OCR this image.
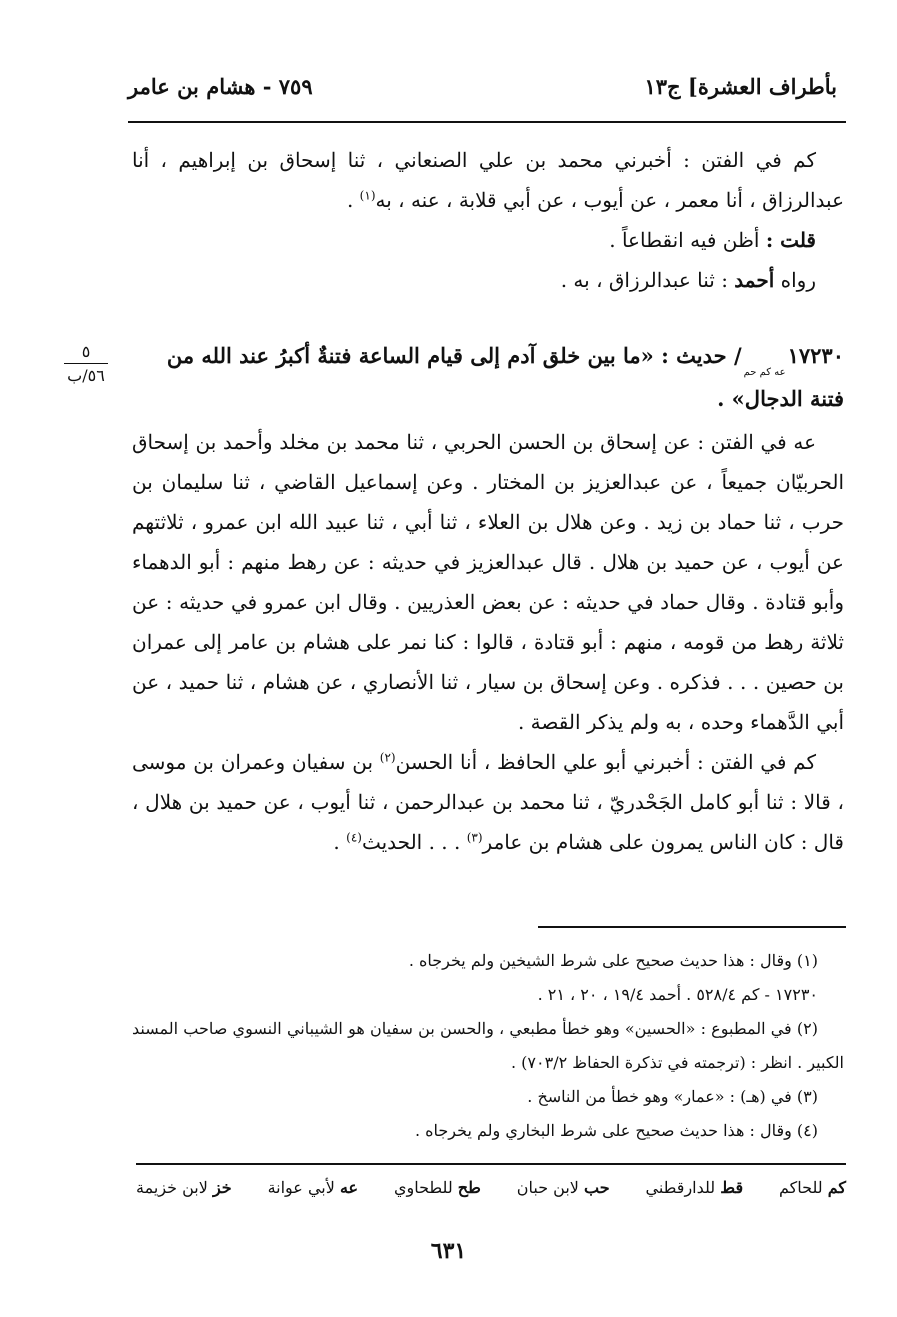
بأطراف العشرة] ج١٣
٧٥٩ - هشام بن عامر

كم في الفتن : أخبرني محمد بن علي الصنعاني ، ثنا إسحاق بن إبراهيم ، أنا عبدالرزاق ، أنا معمر ، عن أيوب ، عن أبي قلابة ، عنه ، به$^{(١)}$ .

قلت : أظن فيه انقطاعاً .

رواه أحمد : ثنا عبدالرزاق ، به .

٥
٥٦/ب

$١٧٢٣٠_{عه كم حم}/$ حديث : «ما بين خلق آدم إلى قيام الساعة فتنةٌ أكبرُ عند الله من فتنة الدجال» .

عه في الفتن : عن إسحاق بن الحسن الحربي ، ثنا محمد بن مخلد وأحمد بن إسحاق الحربيّان جميعاً ، عن عبدالعزيز بن المختار . وعن إسماعيل القاضي ، ثنا سليمان بن حرب ، ثنا حماد بن زيد . وعن هلال بن العلاء ، ثنا أبي ، ثنا عبيد الله ابن عمرو ، ثلاثتهم عن أيوب ، عن حميد بن هلال . قال عبدالعزيز في حديثه : عن رهط منهم : أبو الدهماء وأبو قتادة . وقال حماد في حديثه : عن بعض العذريين . وقال ابن عمرو في حديثه : عن ثلاثة رهط من قومه ، منهم : أبو قتادة ، قالوا : كنا نمر على هشام بن عامر إلى عمران بن حصين . . . فذكره . وعن إسحاق بن سيار ، ثنا الأنصاري ، عن هشام ، ثنا حميد ، عن أبي الدَّهماء وحده ، به ولم يذكر القصة .

كم في الفتن : أخبرني أبو علي الحافظ ، أنا الحسن$^{(٢)}$ بن سفيان وعمران بن موسى ، قالا : ثنا أبو كامل الجَحْدريّ ، ثنا محمد بن عبدالرحمن ، ثنا أيوب ، عن حميد بن هلال ، قال : كان الناس يمرون على هشام بن عامر$^{(٣)}$ . . . الحديث$^{(٤)}$ .

(١) وقال : هذا حديث صحيح على شرط الشيخين ولم يخرجاه .

١٧٢٣٠ - كم ٥٢٨/٤ . أحمد ١٩/٤ ، ٢٠ ، ٢١ .

(٢) في المطبوع : «الحسين» وهو خطأ مطبعي ، والحسن بن سفيان هو الشيباني النسوي صاحب المسند الكبير . انظر : (ترجمته في تذكرة الحفاظ ٧٠٣/٢) .

(٣) في (هـ) : «عمار» وهو خطأ من الناسخ .

(٤) وقال : هذا حديث صحيح على شرط البخاري ولم يخرجاه .

خز لابن خزيمة	عه لأبي عوانة	طح للطحاوي	حب لابن حبان	قط للدارقطني	كم للحاكم
٦٣١
